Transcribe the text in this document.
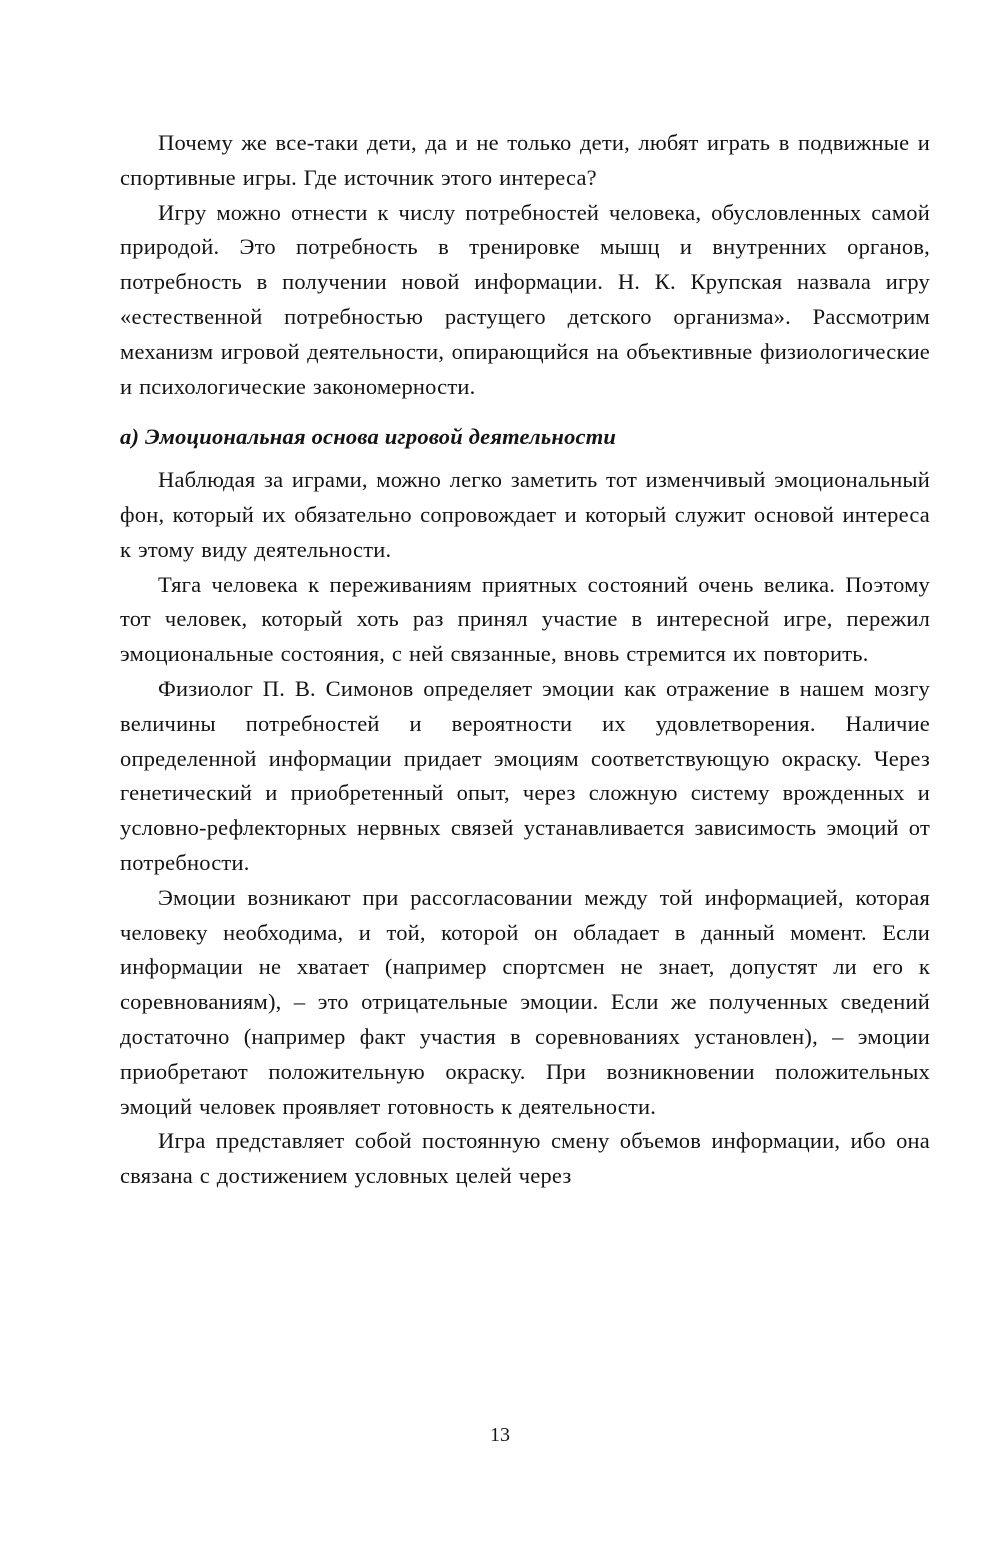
Почему же все-таки дети, да и не только дети, любят играть в подвижные и спортивные игры. Где источник этого интереса?

Игру можно отнести к числу потребностей человека, обусловленных самой природой. Это потребность в тренировке мышц и внутренних органов, потребность в получении новой информации. Н. К. Крупская назвала игру «естественной потребностью растущего детского организма». Рассмотрим механизм игровой деятельности, опирающийся на объективные физиологические и психологические закономерности.

а) Эмоциональная основа игровой деятельности

Наблюдая за играми, можно легко заметить тот изменчивый эмоциональный фон, который их обязательно сопровождает и который служит основой интереса к этому виду деятельности.

Тяга человека к переживаниям приятных состояний очень велика. Поэтому тот человек, который хоть раз принял участие в интересной игре, пережил эмоциональные состояния, с ней связанные, вновь стремится их повторить.

Физиолог П. В. Симонов определяет эмоции как отражение в нашем мозгу величины потребностей и вероятности их удовлетворения. Наличие определенной информации придает эмоциям соответствующую окраску. Через генетический и приобретенный опыт, через сложную систему врожденных и условно-рефлекторных нервных связей устанавливается зависимость эмоций от потребности.

Эмоции возникают при рассогласовании между той информацией, которая человеку необходима, и той, которой он обладает в данный момент. Если информации не хватает (например спортсмен не знает, допустят ли его к соревнованиям), – это отрицательные эмоции. Если же полученных сведений достаточно (например факт участия в соревнованиях установлен), – эмоции приобретают положительную окраску. При возникновении положительных эмоций человек проявляет готовность к деятельности.

Игра представляет собой постоянную смену объемов информации, ибо она связана с достижением условных целей через

13
